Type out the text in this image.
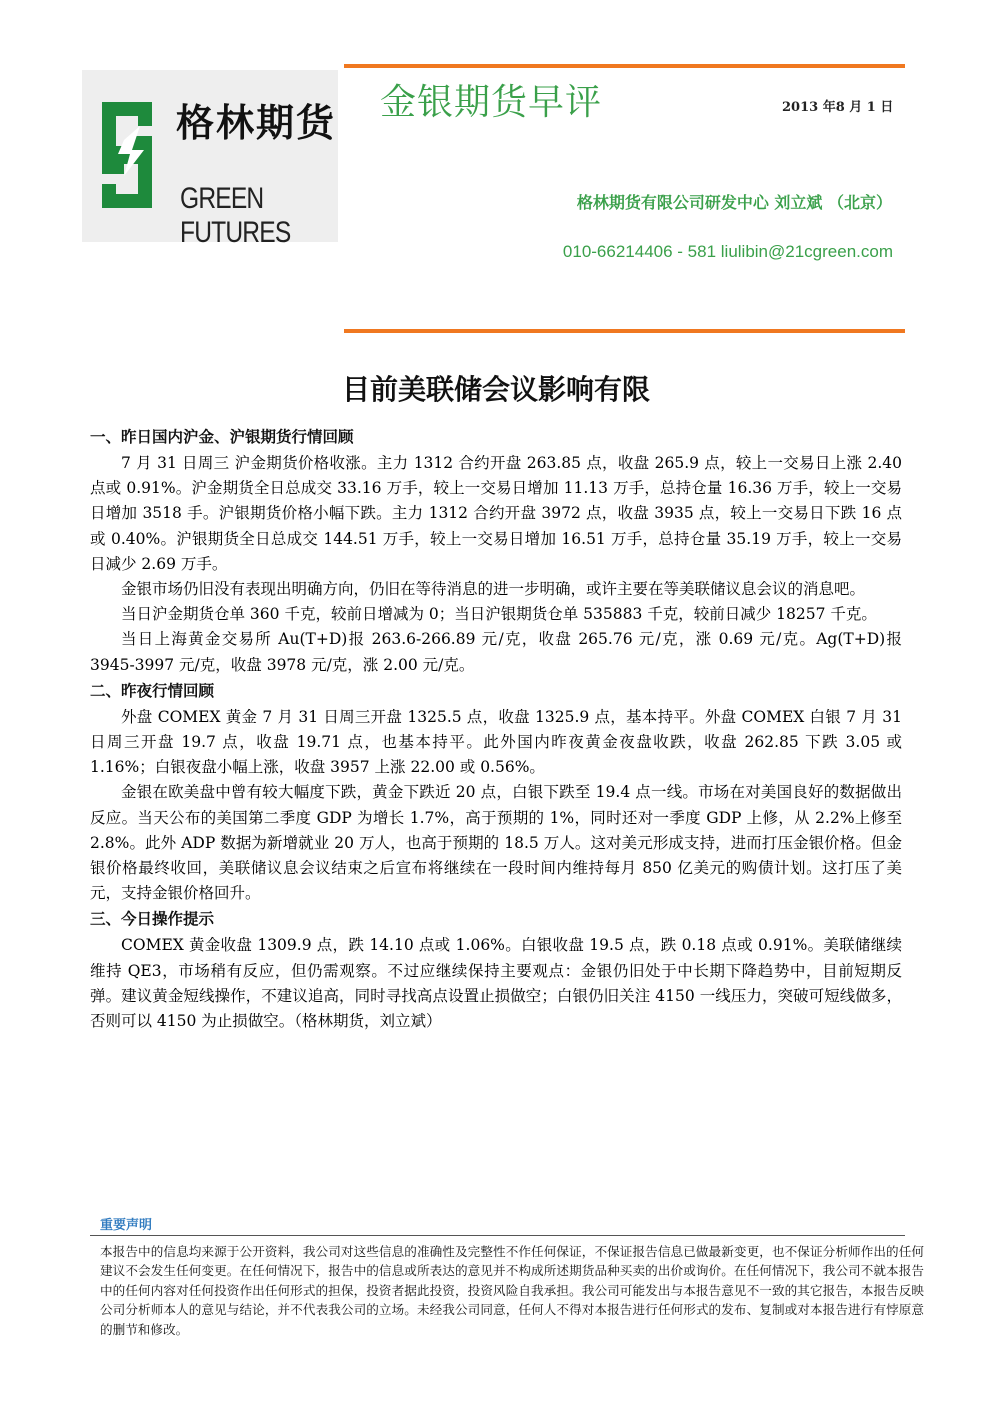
格林期货
GREEN FUTURES
金银期货早评	2013 年8 月 1 日
格林期货有限公司研发中心 刘立斌 （北京）
010-66214406 - 581 liulibin@21cgreen.com
目前美联储会议影响有限

一、昨日国内沪金、沪银期货行情回顾

7 月 31 日周三 沪金期货价格收涨。主力 1312 合约开盘 263.85 点，收盘 265.9 点，较上一交易日上涨 2.40 点或 0.91%。沪金期货全日总成交 33.16 万手，较上一交易日增加 11.13 万手，总持仓量 16.36 万手，较上一交易日增加 3518 手。沪银期货价格小幅下跌。主力 1312 合约开盘 3972 点，收盘 3935 点，较上一交易日下跌 16 点或 0.40%。沪银期货全日总成交 144.51 万手，较上一交易日增加 16.51 万手，总持仓量 35.19 万手，较上一交易日减少 2.69 万手。

金银市场仍旧没有表现出明确方向，仍旧在等待消息的进一步明确，或许主要在等美联储议息会议的消息吧。

当日沪金期货仓单 360 千克，较前日增减为 0；当日沪银期货仓单 535883 千克，较前日减少 18257 千克。

当日上海黄金交易所 Au(T+D)报 263.6-266.89 元/克，收盘 265.76 元/克，涨 0.69 元/克。Ag(T+D)报 3945-3997 元/克，收盘 3978 元/克，涨 2.00 元/克。

二、昨夜行情回顾

外盘 COMEX 黄金 7 月 31 日周三开盘 1325.5 点，收盘 1325.9 点，基本持平。外盘 COMEX 白银 7 月 31 日周三开盘 19.7 点，收盘 19.71 点，也基本持平。此外国内昨夜黄金夜盘收跌，收盘 262.85 下跌 3.05 或 1.16%；白银夜盘小幅上涨，收盘 3957 上涨 22.00 或 0.56%。

金银在欧美盘中曾有较大幅度下跌，黄金下跌近 20 点，白银下跌至 19.4 点一线。市场在对美国良好的数据做出反应。当天公布的美国第二季度 GDP 为增长 1.7%，高于预期的 1%，同时还对一季度 GDP 上修，从 2.2%上修至 2.8%。此外 ADP 数据为新增就业 20 万人，也高于预期的 18.5 万人。这对美元形成支持，进而打压金银价格。但金银价格最终收回，美联储议息会议结束之后宣布将继续在一段时间内维持每月 850 亿美元的购债计划。这打压了美元，支持金银价格回升。

三、今日操作提示

COMEX 黄金收盘 1309.9 点，跌 14.10 点或 1.06%。白银收盘 19.5 点，跌 0.18 点或 0.91%。美联储继续维持 QE3，市场稍有反应，但仍需观察。不过应继续保持主要观点：金银仍旧处于中长期下降趋势中，目前短期反弹。建议黄金短线操作，不建议追高，同时寻找高点设置止损做空；白银仍旧关注 4150 一线压力，突破可短线做多，否则可以 4150 为止损做空。（格林期货，刘立斌）

重要声明
本报告中的信息均来源于公开资料，我公司对这些信息的准确性及完整性不作任何保证，不保证报告信息已做最新变更，也不保证分析师作出的任何建议不会发生任何变更。在任何情况下，报告中的信息或所表达的意见并不构成所述期货品种买卖的出价或询价。在任何情况下，我公司不就本报告中的任何内容对任何投资作出任何形式的担保，投资者据此投资，投资风险自我承担。我公司可能发出与本报告意见不一致的其它报告，本报告反映公司分析师本人的意见与结论，并不代表我公司的立场。未经我公司同意，任何人不得对本报告进行任何形式的发布、复制或对本报告进行有悖原意的删节和修改。
